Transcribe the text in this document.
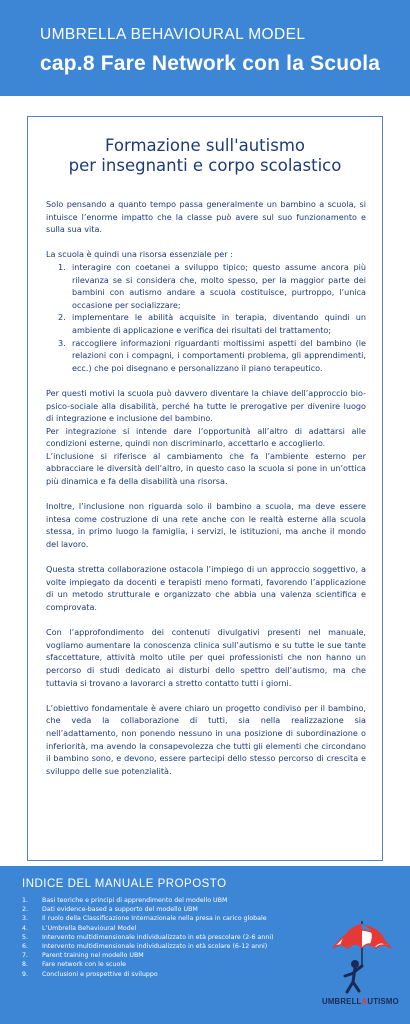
UMBRELLA BEHAVIOURAL MODEL
cap.8 Fare Network con la Scuola
Formazione sull'autismo
per insegnanti e corpo scolastico

Solo pensando a quanto tempo passa generalmente un bambino a scuola, si intuisce l’enorme impatto che la classe può avere sul suo funzionamento e sulla sua vita.

La scuola è quindi una risorsa essenziale per :

1. interagire con coetanei a sviluppo tipico; questo assume ancora più rilevanza se si considera che, molto spesso, per la maggior parte dei bambini con autismo andare a scuola costituisce, purtroppo, l’unica occasione per socializzare;
2. implementare le abilità acquisite in terapia, diventando quindi un ambiente di applicazione e verifica dei risultati del trattamento;
3. raccogliere informazioni riguardanti moltissimi aspetti del bambino (le relazioni con i compagni, i comportamenti problema, gli apprendimenti, ecc.) che poi disegnano e personalizzano il piano terapeutico.

Per questi motivi la scuola può davvero diventare la chiave dell’approccio bio-psico-sociale alla disabilità, perché ha tutte le prerogative per divenire luogo di integrazione e inclusione del bambino.

Per integrazione si intende dare l’opportunità all’altro di adattarsi alle condizioni esterne, quindi non discriminarlo, accettarlo e accoglierlo.

L’inclusione si riferisce al cambiamento che fa l’ambiente esterno per abbracciare le diversità dell’altro, in questo caso la scuola si pone in un’ottica più dinamica e fa della disabilità una risorsa.

Inoltre, l’inclusione non riguarda solo il bambino a scuola, ma deve essere intesa come costruzione di una rete anche con le realtà esterne alla scuola stessa, in primo luogo la famiglia, i servizi, le istituzioni, ma anche il mondo del lavoro.

Questa stretta collaborazione ostacola l’impiego di un approccio soggettivo, a volte impiegato da docenti e terapisti meno formati, favorendo l’applicazione di un metodo strutturale e organizzato che abbia una valenza scientifica e comprovata.

Con l’approfondimento dei contenuti divulgativi presenti nel manuale, vogliamo aumentare la conoscenza clinica sull’autismo e su tutte le sue tante sfaccettature, attività molto utile per quei professionisti che non hanno un percorso di studi dedicato ai disturbi dello spettro dell’autismo, ma che tuttavia si trovano a lavorarci a stretto contatto tutti i giorni.

L’obiettivo fondamentale è avere chiaro un progetto condiviso per il bambino, che veda la collaborazione di tutti, sia nella realizzazione sia nell’adattamento, non ponendo nessuno in una posizione di subordinazione o inferiorità, ma avendo la consapevolezza che tutti gli elementi che circondano il bambino sono, e devono, essere partecipi dello stesso percorso di crescita e sviluppo delle sue potenzialità.

INDICE DEL MANUALE PROPOSTO
1.	Basi teoriche e principi di apprendimento del modello UBM
2.	Dati evidence-based a supporto del modello UBM
3.	Il ruolo della Classificazione Internazionale nella presa in carico globale
4.	L’Umbrella Behavioural Model
5.	Intervento multidimensionale individualizzato in età prescolare (2-6 anni)
6.	Intervento multidimensionale individualizzato in età scolare (6-12 anni)
7.	Parent training nel modello UBM
8.	Fare network con le scuole
9.	Conclusioni e prospettive di sviluppo
UMBRELLAUTISMO
